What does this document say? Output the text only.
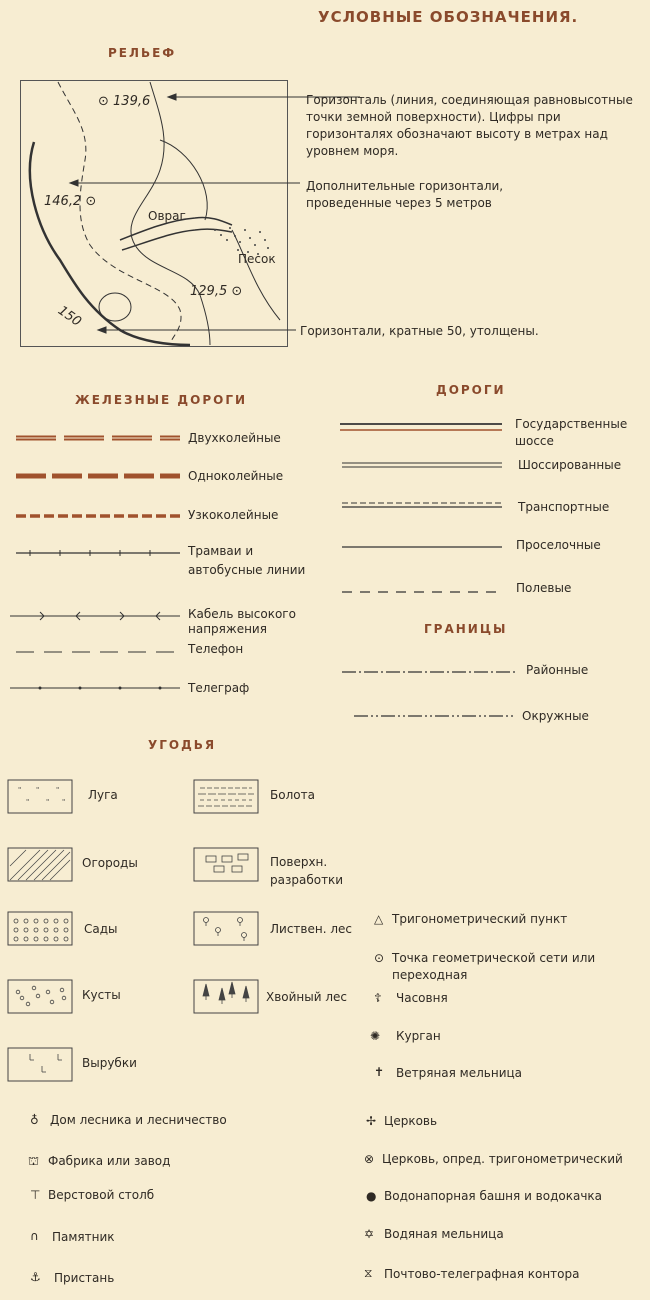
УСЛОВНЫЕ ОБОЗНАЧЕНИЯ.
РЕЛЬЕФ
⊙ 139,6
146,2 ⊙
129,5 ⊙
150
Овраг
Песок
Горизонталь (линия, соединяющая равновысотные точки земной поверхности). Цифры при горизонталях обозначают высоту в метрах над уровнем моря.
Дополнительные горизонтали, проведенные через 5 метров
Горизонтали, кратные 50, утолщены.
ЖЕЛЕЗНЫЕ ДОРОГИ
Двухколейные
Одноколейные
Узкоколейные
Трамваи и автобусные линии
Кабель высокого напряжения
Телефон
Телеграф
ДОРОГИ
Государственные шоссе
Шоссированные
Транспортные
Проселочные
Полевые
ГРАНИЦЫ
Районные
Окружные
УГОДЬЯ
" " "
" " " Луга
Огороды
Сады
Кусты
Вырубки
Болота
Поверхн. разработки
Листвен. лес
Хвойный лес
△ Тригонометрический пункт
⊙ Точка геометрической сети или переходная
☦ Часовня
✺ Курган
✝ Ветряная мельница
♁ Дом лесника и лесничество
⛫ Фабрика или завод
⊤ Верстовой столб
∩ Памятник
⚓ Пристань
✢ Церковь
⊗ Церковь, опред. тригонометрический
● Водонапорная башня и водокачка
✡ Водяная мельница
⧖ Почтово-телеграфная контора
